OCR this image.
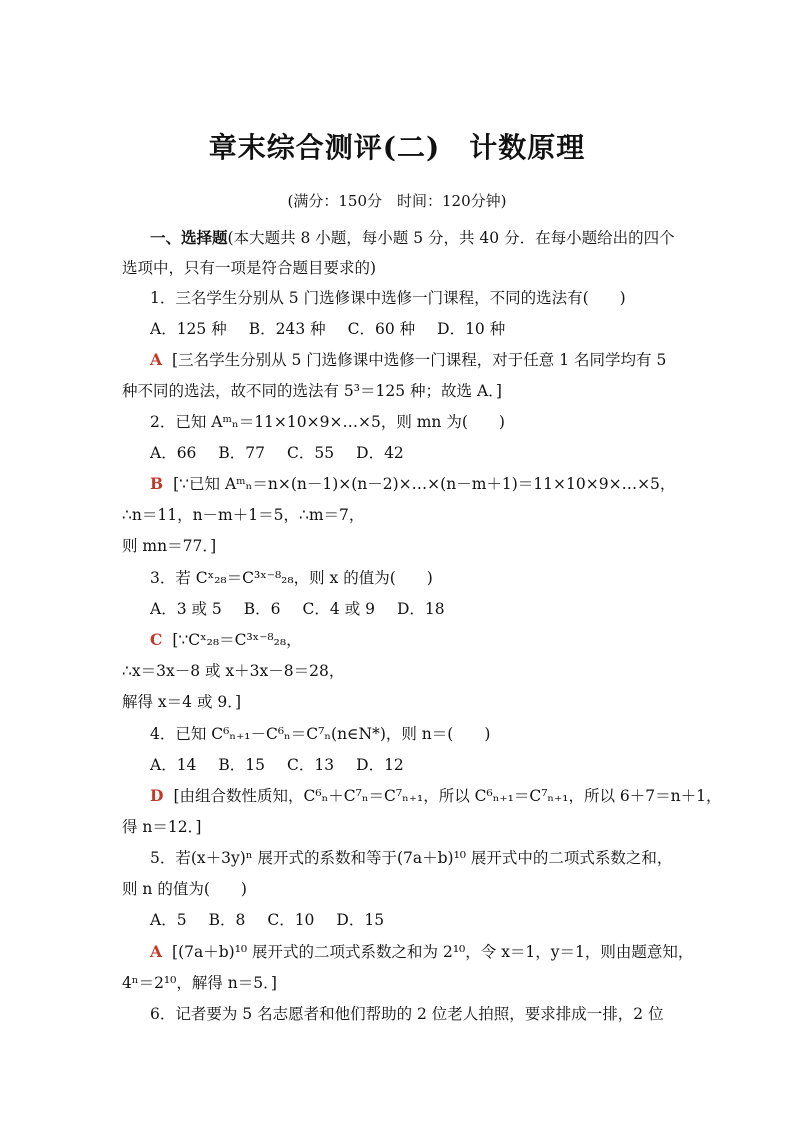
章末综合测评(二)　计数原理
(满分：150分　时间：120分钟)
一、选择题(本大题共 8 小题，每小题 5 分，共 40 分．在每小题给出的四个
选项中，只有一项是符合题目要求的)
1．三名学生分别从 5 门选修课中选修一门课程，不同的选法有(　　)
A．125 种 B．243 种 C．60 种 D．10 种
A [三名学生分别从 5 门选修课中选修一门课程，对于任意 1 名同学均有 5
种不同的选法，故不同的选法有 5³＝125 种；故选 A．]
2．已知 Aᵐₙ＝11×10×9×…×5，则 mn 为(　　)
A．66 B．77 C．55 D．42
B [∵已知 Aᵐₙ＝n×(n－1)×(n－2)×…×(n－m＋1)＝11×10×9×…×5，
∴n＝11，n－m＋1＝5，∴m＝7，
则 mn＝77．]
3．若 Cˣ₂₈＝C³ˣ⁻⁸₂₈，则 x 的值为(　　)
A．3 或 5 B．6 C．4 或 9 D．18
C [∵Cˣ₂₈＝C³ˣ⁻⁸₂₈，
∴x＝3x－8 或 x＋3x－8＝28，
解得 x＝4 或 9．]
4．已知 C⁶ₙ₊₁－C⁶ₙ＝C⁷ₙ(n∈N*)，则 n＝(　　)
A．14 B．15 C．13 D．12
D [由组合数性质知，C⁶ₙ＋C⁷ₙ＝C⁷ₙ₊₁，所以 C⁶ₙ₊₁＝C⁷ₙ₊₁，所以 6＋7＝n＋1，
得 n＝12．]
5．若(x＋3y)ⁿ 展开式的系数和等于(7a＋b)¹⁰ 展开式中的二项式系数之和，
则 n 的值为(　　)
A．5 B．8 C．10 D．15
A [(7a＋b)¹⁰ 展开式的二项式系数之和为 2¹⁰，令 x＝1，y＝1，则由题意知，
4ⁿ＝2¹⁰，解得 n＝5．]
6．记者要为 5 名志愿者和他们帮助的 2 位老人拍照，要求排成一排，2 位
